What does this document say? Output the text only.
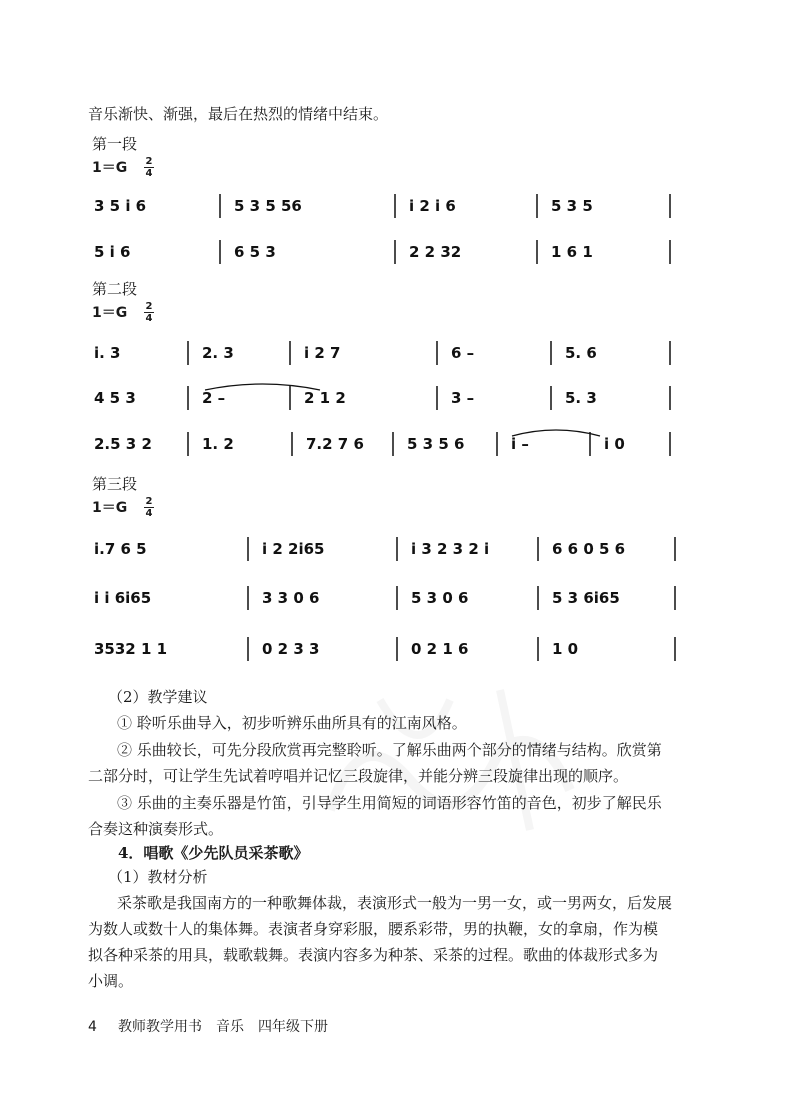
音乐渐快、渐强，最后在热烈的情绪中结束。
第一段
1＝G 2
4
第二段
1＝G 2
4
第三段
1＝G 2
4
3 5 i 6	5 3 5 56	i 2 i 6	5 3 5
5 i 6	6 5 3	2 2 32	1 6 1
i. 3	2. 3	i 2 7	6 –	5. 6
4 5 3	2 –	2 1 2	3 –	5. 3
2.5 3 2	1. 2	7.2 7 6	5 3 5 6	i –	i 0
i.7 6 5	i 2 2i65	i 3 2 3 2 i	6 6 0 5 6
i i 6i65	3 3 0 6	5 3 0 6	5 3 6i65
3532 1 1	0 2 3 3	0 2 1 6	1 0
（2）教学建议
① 聆听乐曲导入，初步听辨乐曲所具有的江南风格。
② 乐曲较长，可先分段欣赏再完整聆听。了解乐曲两个部分的情绪与结构。欣赏第
二部分时，可让学生先试着哼唱并记忆三段旋律，并能分辨三段旋律出现的顺序。
③ 乐曲的主奏乐器是竹笛，引导学生用简短的词语形容竹笛的音色，初步了解民乐
合奏这种演奏形式。
4．唱歌《少先队员采茶歌》
（1）教材分析
采茶歌是我国南方的一种歌舞体裁，表演形式一般为一男一女，或一男两女，后发展
为数人或数十人的集体舞。表演者身穿彩服，腰系彩带，男的执鞭，女的拿扇，作为模
拟各种采茶的用具，载歌载舞。表演内容多为种茶、采茶的过程。歌曲的体裁形式多为
小调。
4 教师教学用书　音乐　四年级下册
